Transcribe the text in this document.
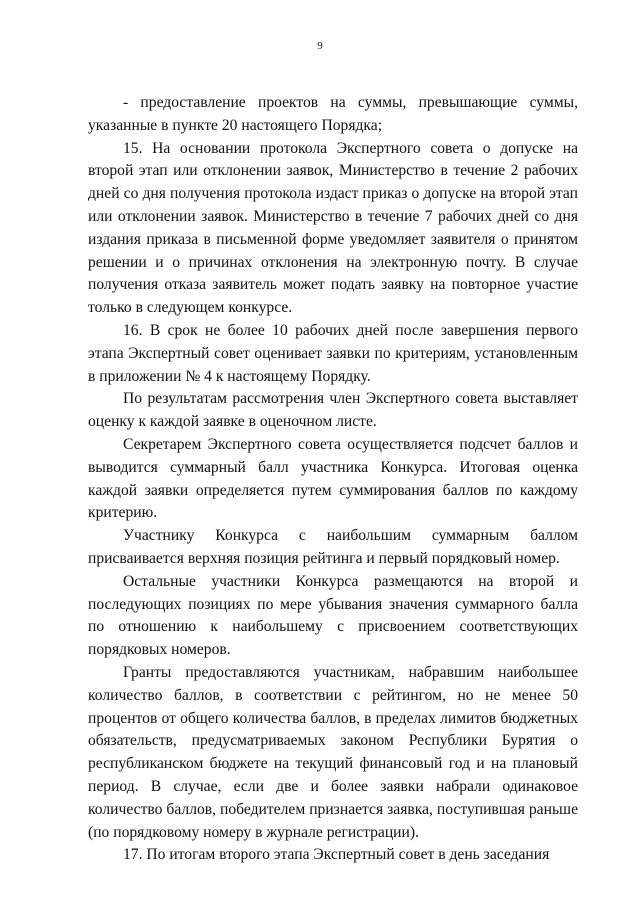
9

- предоставление проектов на суммы, превышающие суммы, указанные в пункте 20 настоящего Порядка;

15. На основании протокола Экспертного совета о допуске на второй этап или отклонении заявок, Министерство в течение 2 рабочих дней со дня получения протокола издаст приказ о допуске на второй этап или отклонении заявок. Министерство в течение 7 рабочих дней со дня издания приказа в письменной форме уведомляет заявителя о принятом решении и о причинах отклонения на электронную почту. В случае получения отказа заявитель может подать заявку на повторное участие только в следующем конкурсе.

16. В срок не более 10 рабочих дней после завершения первого этапа Экспертный совет оценивает заявки по критериям, установленным в приложении № 4 к настоящему Порядку.

По результатам рассмотрения член Экспертного совета выставляет оценку к каждой заявке в оценочном листе.

Секретарем Экспертного совета осуществляется подсчет баллов и выводится суммарный балл участника Конкурса. Итоговая оценка каждой заявки определяется путем суммирования баллов по каждому критерию.

Участнику Конкурса с наибольшим суммарным баллом присваивается верхняя позиция рейтинга и первый порядковый номер.

Остальные участники Конкурса размещаются на второй и последующих позициях по мере убывания значения суммарного балла по отношению к наибольшему с присвоением соответствующих порядковых номеров.

Гранты предоставляются участникам, набравшим наибольшее количество баллов, в соответствии с рейтингом, но не менее 50 процентов от общего количества баллов, в пределах лимитов бюджетных обязательств, предусматриваемых законом Республики Бурятия о республиканском бюджете на текущий финансовый год и на плановый период. В случае, если две и более заявки набрали одинаковое количество баллов, победителем признается заявка, поступившая раньше (по порядковому номеру в журнале регистрации).

17. По итогам второго этапа Экспертный совет в день заседания
